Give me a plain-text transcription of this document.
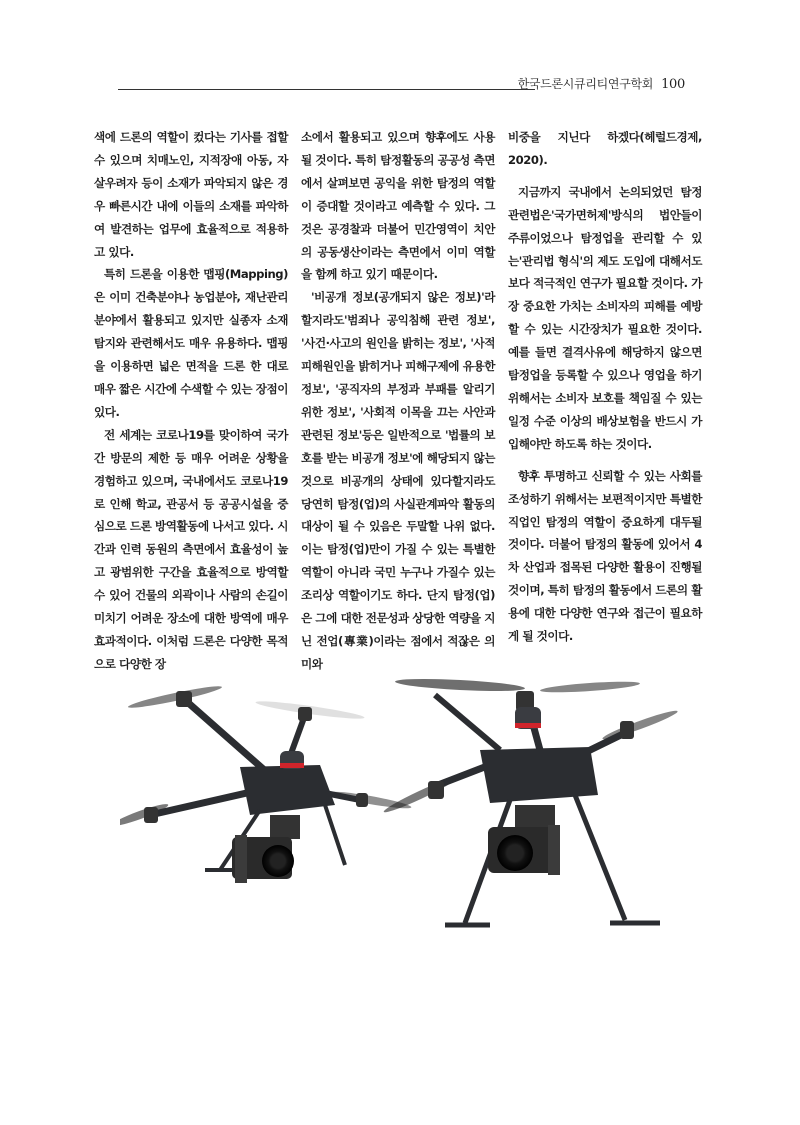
한국드론시큐리티연구학회 100

색에 드론의 역할이 컸다는 기사를 접할 수 있으며 치매노인, 지적장애 아동, 자살우려자 등이 소재가 파악되지 않은 경우 빠른시간 내에 이들의 소재를 파악하여 발견하는 업무에 효율적으로 적용하고 있다.

특히 드론을 이용한 맵핑(Mapping)은 이미 건축분야나 농업분야, 재난관리 분야에서 활용되고 있지만 실종자 소재 탐지와 관련해서도 매우 유용하다. 맵핑을 이용하면 넓은 면적을 드론 한 대로 매우 짧은 시간에 수색할 수 있는 장점이 있다.

전 세계는 코로나19를 맞이하여 국가간 방문의 제한 등 매우 어려운 상황을 경험하고 있으며, 국내에서도 코로나19로 인해 학교, 관공서 등 공공시설을 중심으로 드론 방역활동에 나서고 있다. 시간과 인력 동원의 측면에서 효율성이 높고 광범위한 구간을 효율적으로 방역할 수 있어 건물의 외곽이나 사람의 손길이 미치기 어려운 장소에 대한 방역에 매우 효과적이다. 이처럼 드론은 다양한 목적으로 다양한 장

소에서 활용되고 있으며 향후에도 사용될 것이다. 특히 탐정활동의 공공성 측면에서 살펴보면 공익을 위한 탐정의 역할이 증대할 것이라고 예측할 수 있다. 그것은 공경찰과 더불어 민간영역이 치안의 공동생산이라는 측면에서 이미 역할을 함께 하고 있기 때문이다.

'비공개 정보(공개되지 않은 정보)'라 할지라도'범죄나 공익침해 관련 정보', '사건·사고의 원인을 밝히는 정보', '사적 피해원인을 밝히거나 피해구제에 유용한 정보', '공직자의 부정과 부패를 알리기 위한 정보', '사회적 이목을 끄는 사안과 관련된 정보'등은 일반적으로 '법률의 보호를 받는 비공개 정보'에 해당되지 않는 것으로 비공개의 상태에 있다할지라도 당연히 탐정(업)의 사실관계파악 활동의 대상이 될 수 있음은 두말할 나위 없다. 이는 탐정(업)만이 가질 수 있는 특별한 역할이 아니라 국민 누구나 가질수 있는 조리상 역할이기도 하다. 단지 탐정(업)은 그에 대한 전문성과 상당한 역량을 지닌 전업(專業)이라는 점에서 적잖은 의미와

비중을 지닌다 하겠다(헤럴드경제, 2020).

지금까지 국내에서 논의되었던 탐정 관련법은'국가면허제'방식의 법안들이 주류이었으나 탐정업을 관리할 수 있는'관리법 형식'의 제도 도입에 대해서도 보다 적극적인 연구가 필요할 것이다. 가장 중요한 가치는 소비자의 피해를 예방할 수 있는 시간장치가 필요한 것이다. 예를 들면 결격사유에 해당하지 않으면 탐정업을 등록할 수 있으나 영업을 하기 위해서는 소비자 보호를 책임질 수 있는 일정 수준 이상의 배상보험을 반드시 가입해야만 하도록 하는 것이다.

향후 투명하고 신뢰할 수 있는 사회를 조성하기 위해서는 보편적이지만 특별한 직업인 탐정의 역할이 중요하게 대두될 것이다. 더불어 탐정의 활동에 있어서 4차 산업과 접목된 다양한 활용이 진행될 것이며, 특히 탐정의 활동에서 드론의 활용에 대한 다양한 연구와 접근이 필요하게 될 것이다.
